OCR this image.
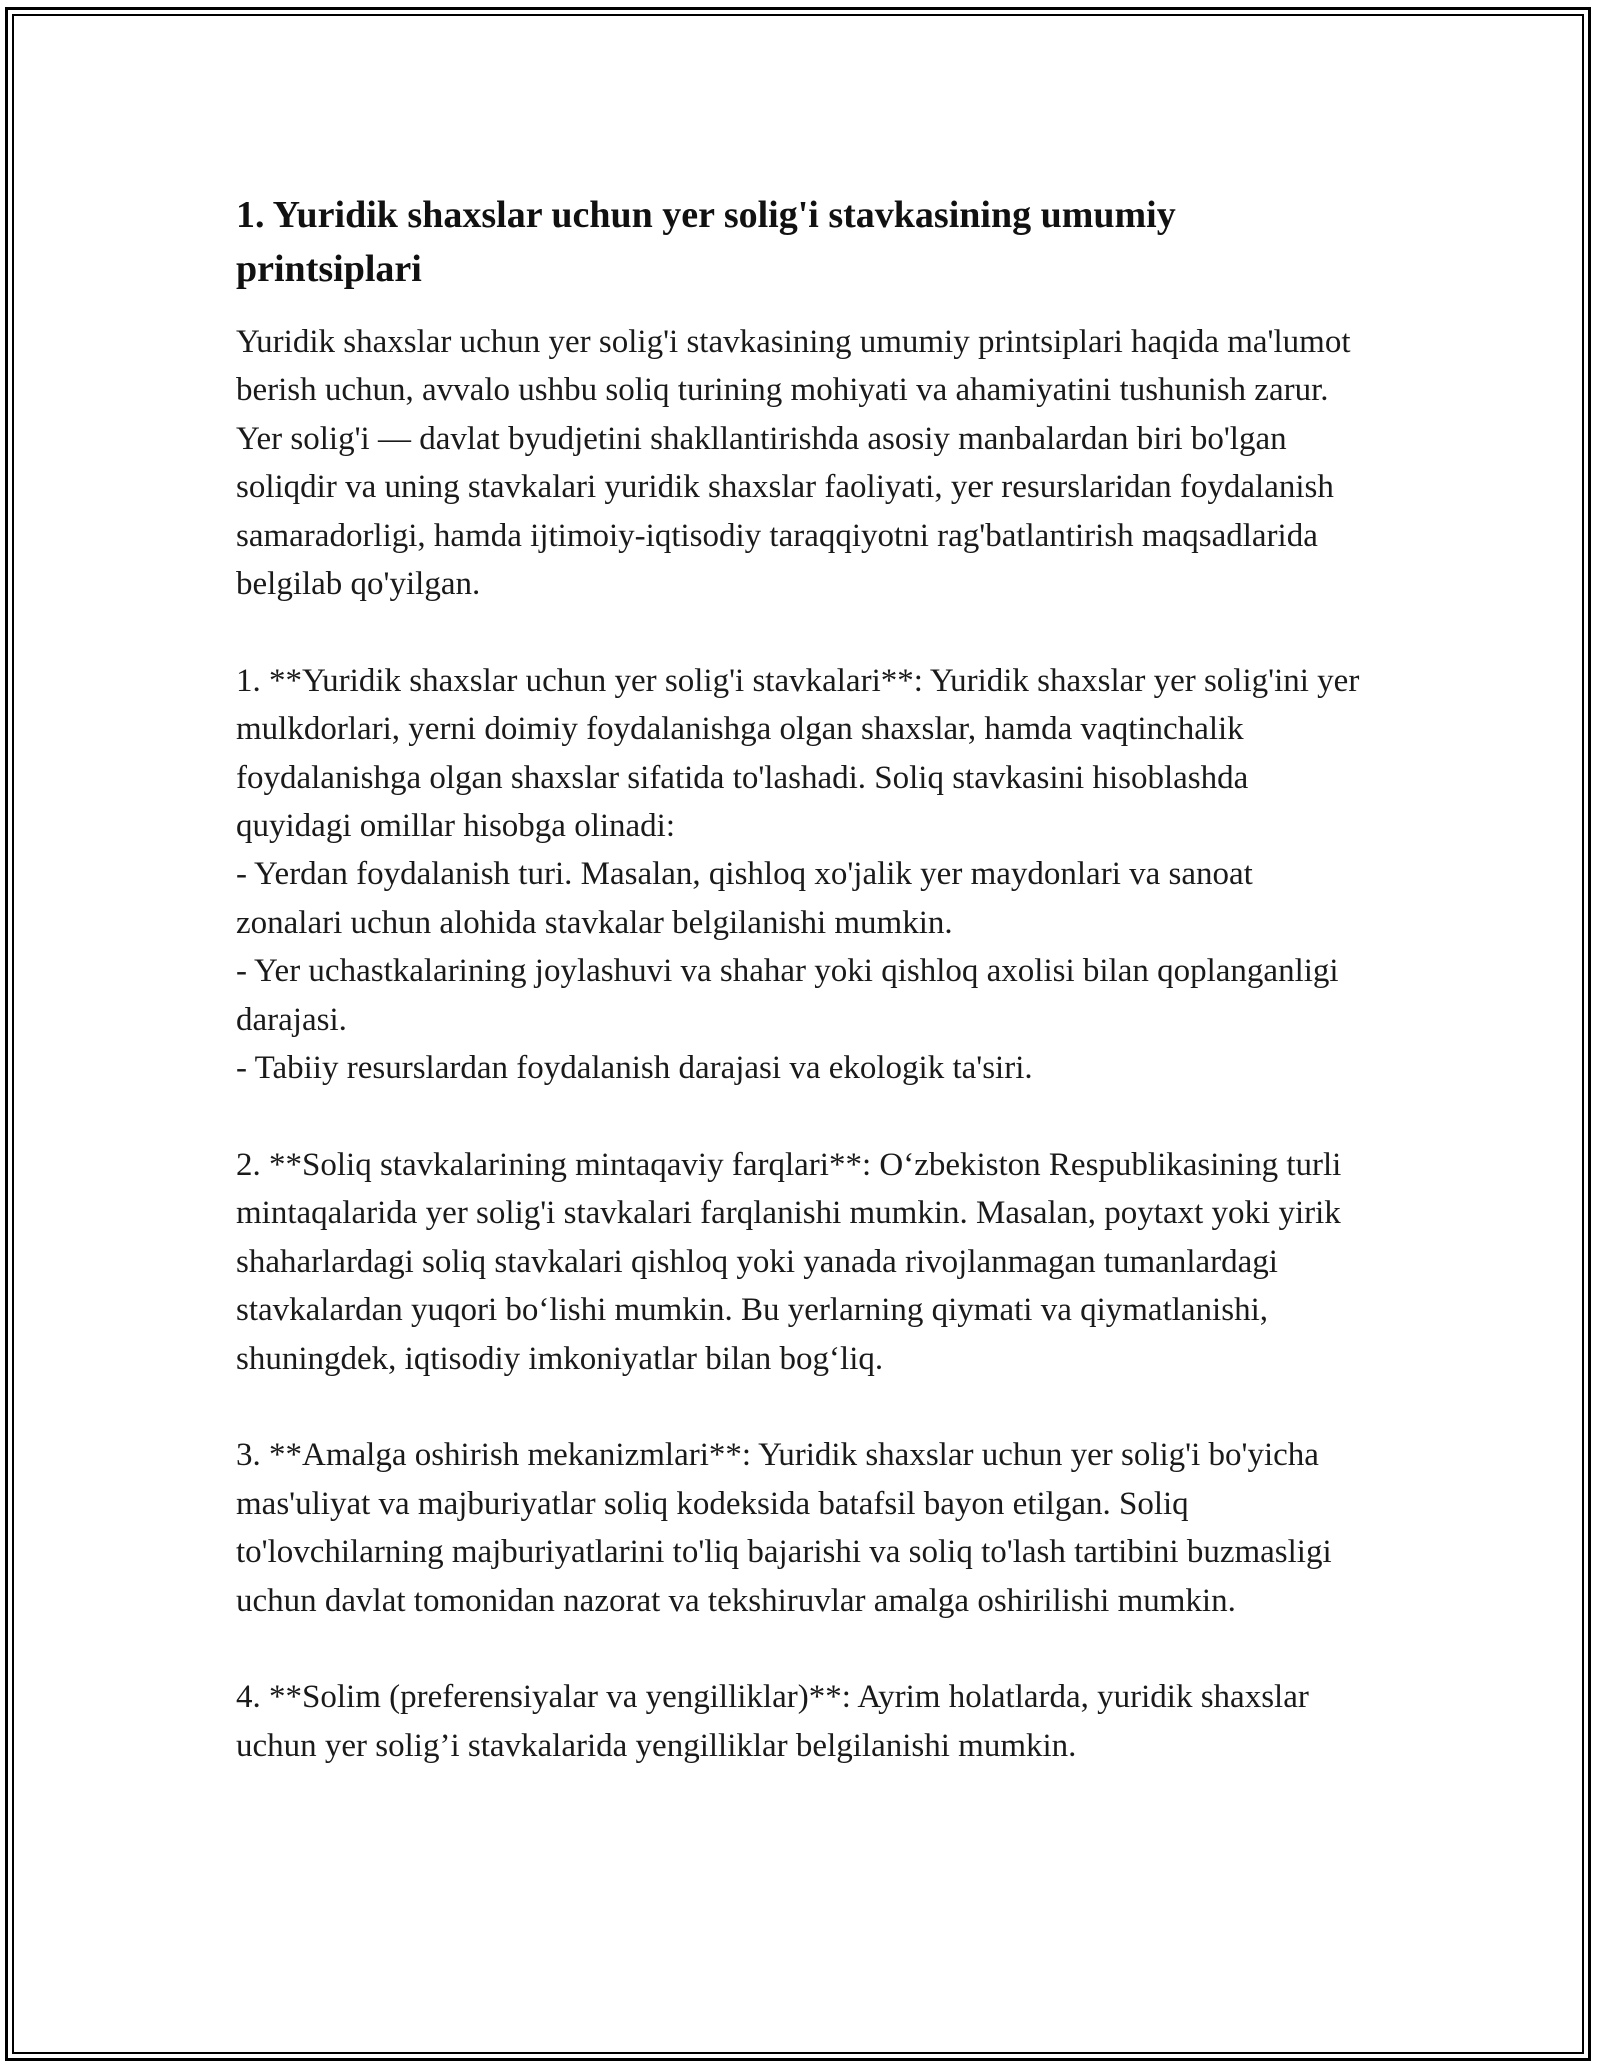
1. Yuridik shaxslar uchun yer solig'i stavkasining umumiy printsiplari

Yuridik shaxslar uchun yer solig'i stavkasining umumiy printsiplari haqida ma'lumot berish uchun, avvalo ushbu soliq turining mohiyati va ahamiyatini tushunish zarur. Yer solig'i — davlat byudjetini shakllantirishda asosiy manbalardan biri bo'lgan soliqdir va uning stavkalari yuridik shaxslar faoliyati, yer resurslaridan foydalanish samaradorligi, hamda ijtimoiy-iqtisodiy taraqqiyotni rag'batlantirish maqsadlarida belgilab qo'yilgan.

1. **Yuridik shaxslar uchun yer solig'i stavkalari**: Yuridik shaxslar yer solig'ini yer mulkdorlari, yerni doimiy foydalanishga olgan shaxslar, hamda vaqtinchalik foydalanishga olgan shaxslar sifatida to'lashadi. Soliq stavkasini hisoblashda quyidagi omillar hisobga olinadi:

- Yerdan foydalanish turi. Masalan, qishloq xo'jalik yer maydonlari va sanoat zonalari uchun alohida stavkalar belgilanishi mumkin.

- Yer uchastkalarining joylashuvi va shahar yoki qishloq axolisi bilan qoplanganligi darajasi.

- Tabiiy resurslardan foydalanish darajasi va ekologik ta'siri.

2. **Soliq stavkalarining mintaqaviy farqlari**: O‘zbekiston Respublikasining turli mintaqalarida yer solig'i stavkalari farqlanishi mumkin. Masalan, poytaxt yoki yirik shaharlardagi soliq stavkalari qishloq yoki yanada rivojlanmagan tumanlardagi stavkalardan yuqori bo‘lishi mumkin. Bu yerlarning qiymati va qiymatlanishi, shuningdek, iqtisodiy imkoniyatlar bilan bog‘liq.

3. **Amalga oshirish mekanizmlari**: Yuridik shaxslar uchun yer solig'i bo'yicha mas'uliyat va majburiyatlar soliq kodeksida batafsil bayon etilgan. Soliq to'lovchilarning majburiyatlarini to'liq bajarishi va soliq to'lash tartibini buzmasligi uchun davlat tomonidan nazorat va tekshiruvlar amalga oshirilishi mumkin.

4. **Solim (preferensiyalar va yengilliklar)**: Ayrim holatlarda, yuridik shaxslar uchun yer solig’i stavkalarida yengilliklar belgilanishi mumkin.
